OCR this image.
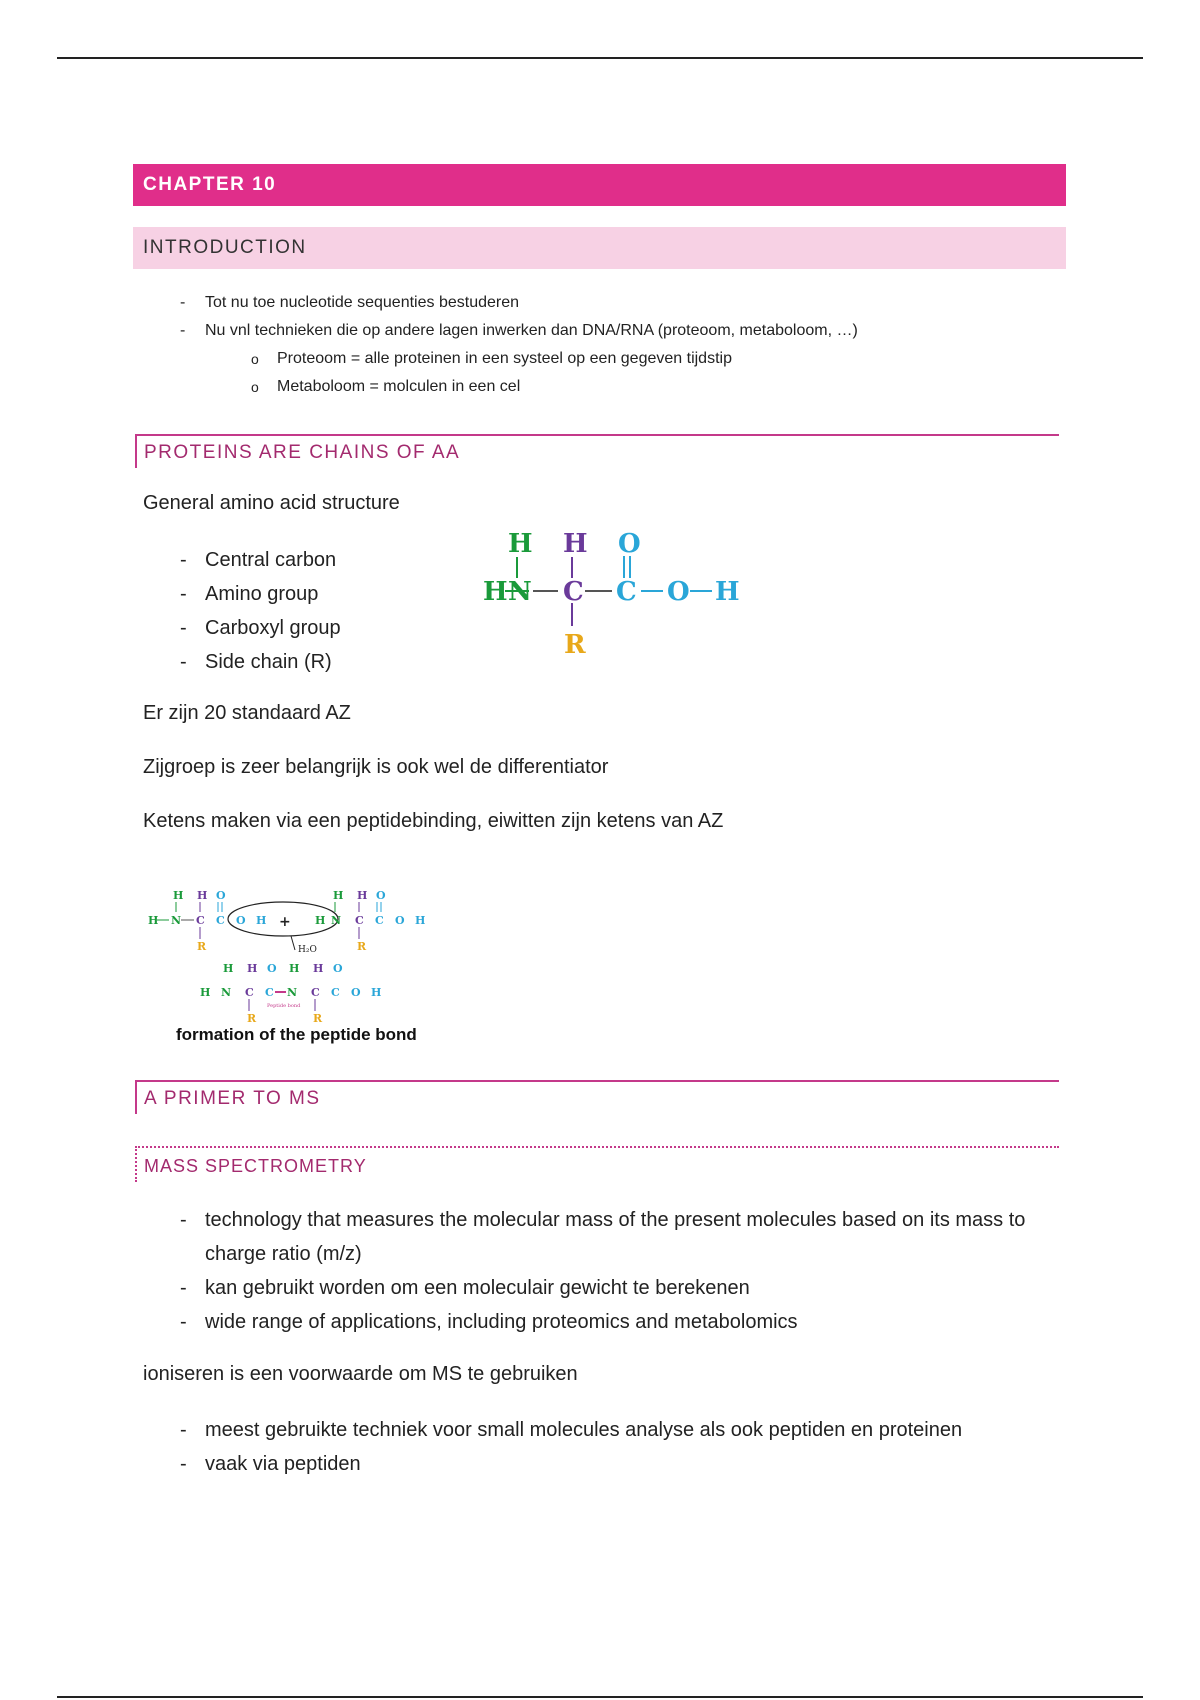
CHAPTER 10
INTRODUCTION
- Tot nu toe nucleotide sequenties bestuderen
- Nu vnl technieken die op andere lagen inwerken dan DNA/RNA (proteoom, metaboloom, …)
o Proteoom = alle proteinen in een systeel op een gegeven tijdstip
o Metaboloom = molculen in een cel
PROTEINS ARE CHAINS OF AA
General amino acid structure
- Central carbon
- Amino group
- Carboxyl group
- Side chain (R)
H H O
H N C C O H
R
Er zijn 20 standaard AZ
Zijgroep is zeer belangrijk is ook wel de differentiator
Ketens maken via een peptidebinding, eiwitten zijn ketens van AZ
H H O
H N C C O H
R
+
H H O
H N C C O H
R
H₂O
H H O H H O
H N C C N C C O H
Peptide bond
R	R
formation of the peptide bond
A PRIMER TO MS
MASS SPECTROMETRY
- technology that measures the molecular mass of the present molecules based on its mass to charge ratio (m/z)
- kan gebruikt worden om een moleculair gewicht te berekenen
- wide range of applications, including proteomics and metabolomics
ioniseren is een voorwaarde om MS te gebruiken
- meest gebruikte techniek voor small molecules analyse als ook peptiden en proteinen
- vaak via peptiden
